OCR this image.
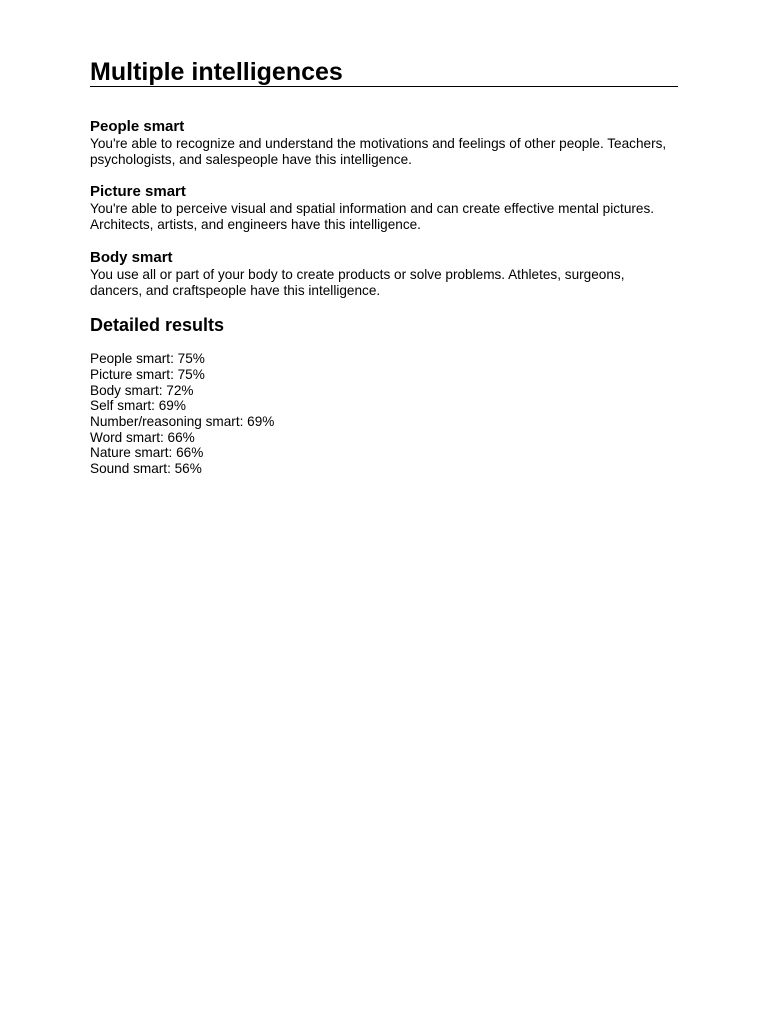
Multiple intelligences
People smart

You're able to recognize and understand the motivations and feelings of other people. Teachers, psychologists, and salespeople have this intelligence.

Picture smart

You're able to perceive visual and spatial information and can create effective mental pictures. Architects, artists, and engineers have this intelligence.

Body smart

You use all or part of your body to create products or solve problems. Athletes, surgeons, dancers, and craftspeople have this intelligence.

Detailed results
People smart: 75%
Picture smart: 75%
Body smart: 72%
Self smart: 69%
Number/reasoning smart: 69%
Word smart: 66%
Nature smart: 66%
Sound smart: 56%
